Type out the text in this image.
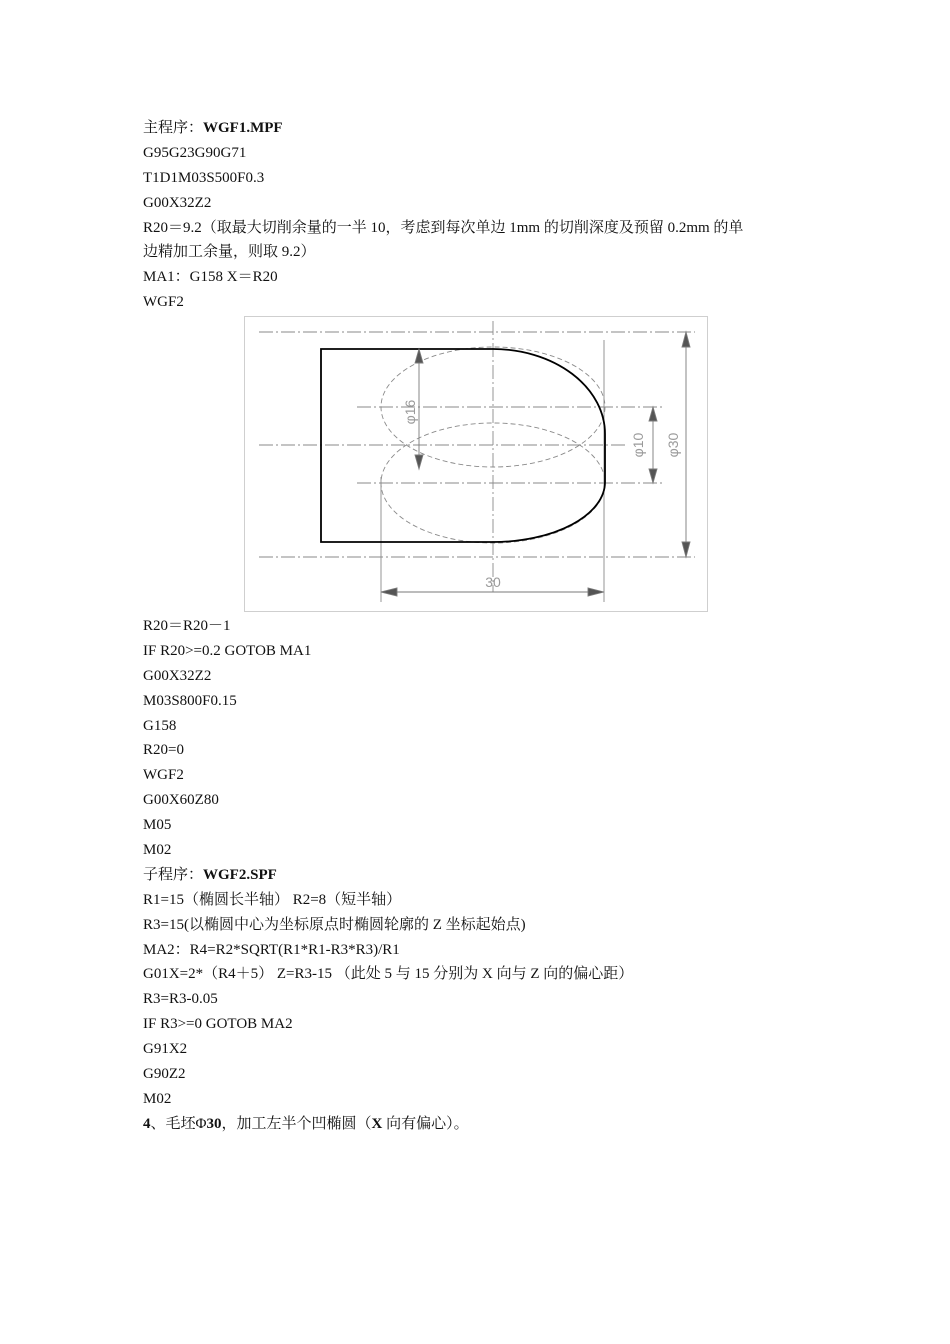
主程序：WGF1.MPF
G95G23G90G71
T1D1M03S500F0.3
G00X32Z2
R20＝9.2（取最大切削余量的一半 10，考虑到每次单边 1mm 的切削深度及预留 0.2mm 的单
边精加工余量，则取 9.2）
MA1：G158 X＝R20
WGF2
φ16
φ10 φ30
30
R20＝R20－1
IF R20>=0.2 GOTOB MA1
G00X32Z2
M03S800F0.15
G158
R20=0
WGF2
G00X60Z80
M05
M02
子程序：WGF2.SPF
R1=15（椭圆长半轴） R2=8（短半轴）
R3=15(以椭圆中心为坐标原点时椭圆轮廓的 Z 坐标起始点)
MA2：R4=R2*SQRT(R1*R1-R3*R3)/R1
G01X=2*（R4＋5） Z=R3-15 （此处 5 与 15 分别为 X 向与 Z 向的偏心距）
R3=R3-0.05
IF R3>=0 GOTOB MA2
G91X2
G90Z2
M02
4、毛坯Φ30，加工左半个凹椭圆（X 向有偏心）。
